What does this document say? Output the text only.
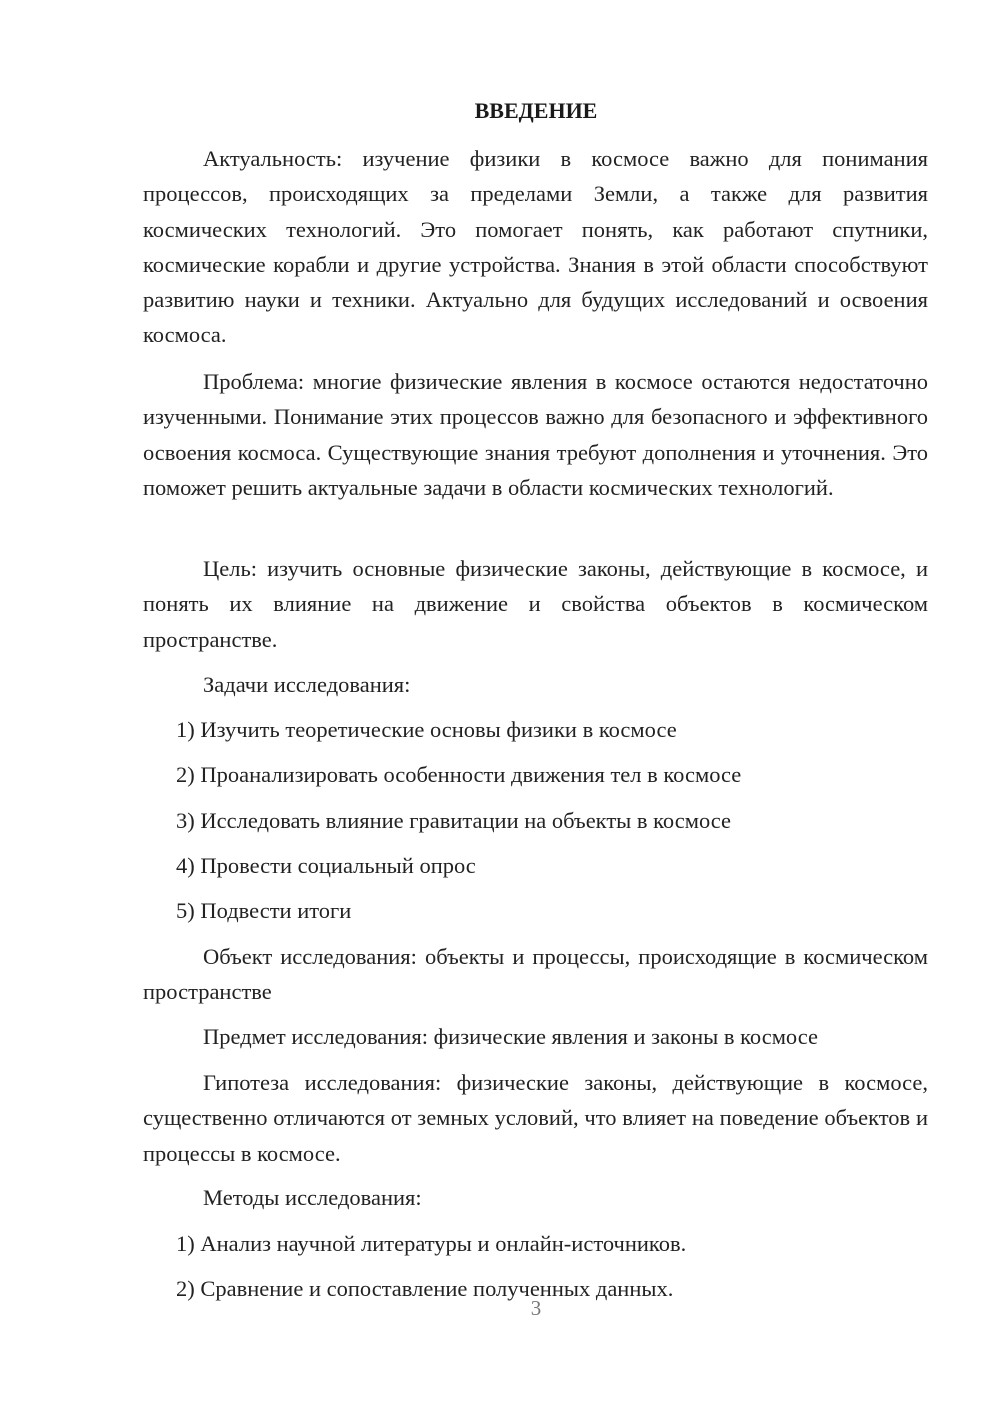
ВВЕДЕНИЕ

Актуальность: изучение физики в космосе важно для понимания процессов, происходящих за пределами Земли, а также для развития космических технологий. Это помогает понять, как работают спутники, космические корабли и другие устройства. Знания в этой области способствуют развитию науки и техники. Актуально для будущих исследований и освоения космоса.

Проблема: многие физические явления в космосе остаются недостаточно изученными. Понимание этих процессов важно для безопасного и эффективного освоения космоса. Существующие знания требуют дополнения и уточнения. Это поможет решить актуальные задачи в области космических технологий.

Цель: изучить основные физические законы, действующие в космосе, и понять их влияние на движение и свойства объектов в космическом пространстве.

Задачи исследования:

1) Изучить теоретические основы физики в космосе

2) Проанализировать особенности движения тел в космосе

3) Исследовать влияние гравитации на объекты в космосе

4) Провести социальный опрос

5) Подвести итоги

Объект исследования: объекты и процессы, происходящие в космическом пространстве

Предмет исследования: физические явления и законы в космосе

Гипотеза исследования: физические законы, действующие в космосе, существенно отличаются от земных условий, что влияет на поведение объектов и процессы в космосе.

Методы исследования:

1) Анализ научной литературы и онлайн-источников.

2) Сравнение и сопоставление полученных данных.

3
